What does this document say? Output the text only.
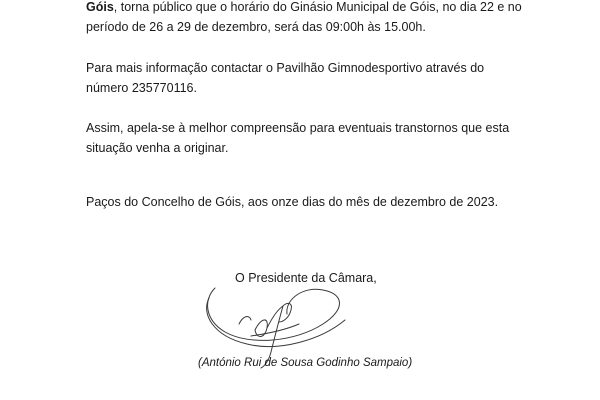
Góis, torna público que o horário do Ginásio Municipal de Góis, no dia 22 e no período de 26 a 29 de dezembro, será das 09:00h às 15.00h.

Para mais informação contactar o Pavilhão Gimnodesportivo através do número 235770116.

Assim, apela-se à melhor compreensão para eventuais transtornos que esta situação venha a originar.

Paços do Concelho de Góis, aos onze dias do mês de dezembro de 2023.

O Presidente da Câmara,
(António Rui de Sousa Godinho Sampaio)
